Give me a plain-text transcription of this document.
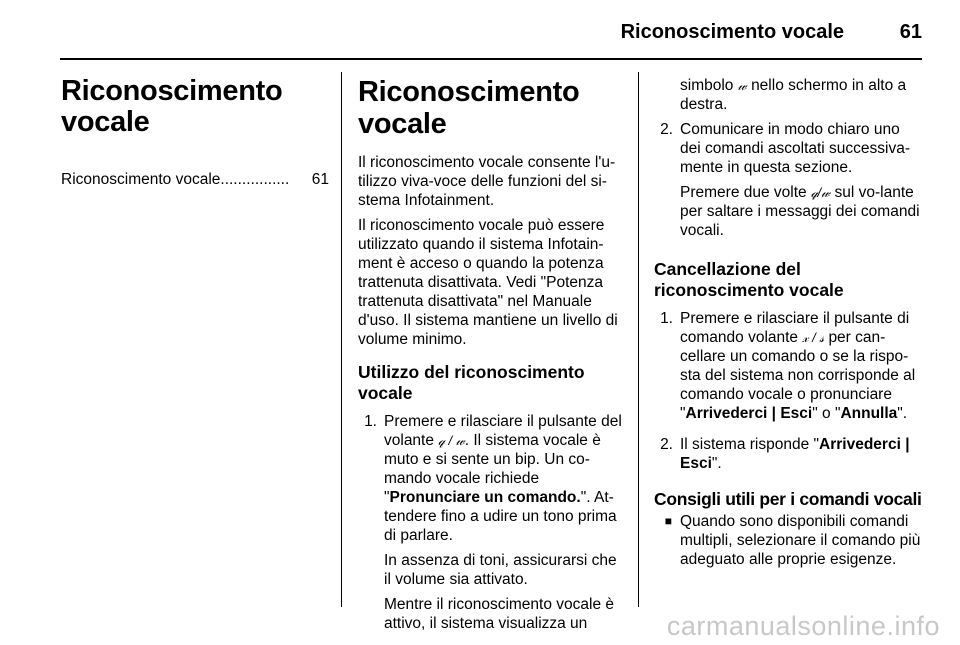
Riconoscimento vocale	61
Riconoscimento vocale
Riconoscimento vocale ................	61
Riconoscimento vocale

Il riconoscimento vocale consente l'u-tilizzo viva-voce delle funzioni del si-stema Infotainment.

Il riconoscimento vocale può essere utilizzato quando il sistema Infotain-ment è acceso o quando la potenza trattenuta disattivata. Vedi "Potenza trattenuta disattivata" nel Manuale d'uso. Il sistema mantiene un livello di volume minimo.

Utilizzo del riconoscimento vocale
1. Premere e rilasciare il pulsante del volante 𝓆 / 𝓌. Il sistema vocale è muto e si sente un bip. Un co-mando vocale richiede "Pronunciare un comando.". At-tendere fino a udire un tono prima di parlare.

In assenza di toni, assicurarsi che il volume sia attivato.

Mentre il riconoscimento vocale è attivo, il sistema visualizza un

simbolo 𝓌 nello schermo in alto a destra.

2. Comunicare in modo chiaro uno dei comandi ascoltati successiva-mente in questa sezione.

Premere due volte 𝓆/𝓌 sul vo-lante per saltare i messaggi dei comandi vocali.

Cancellazione del riconoscimento vocale
1. Premere e rilasciare il pulsante di comando volante 𝓍 / 𝓈 per can-cellare un comando o se la rispo-sta del sistema non corrisponde al comando vocale o pronunciare "Arrivederci | Esci" o "Annulla".

2. Il sistema risponde "Arrivederci | Esci".

Consigli utili per i comandi vocali
■ Quando sono disponibili comandi multipli, selezionare il comando più adeguato alle proprie esigenze.
carmanualsonline.info
